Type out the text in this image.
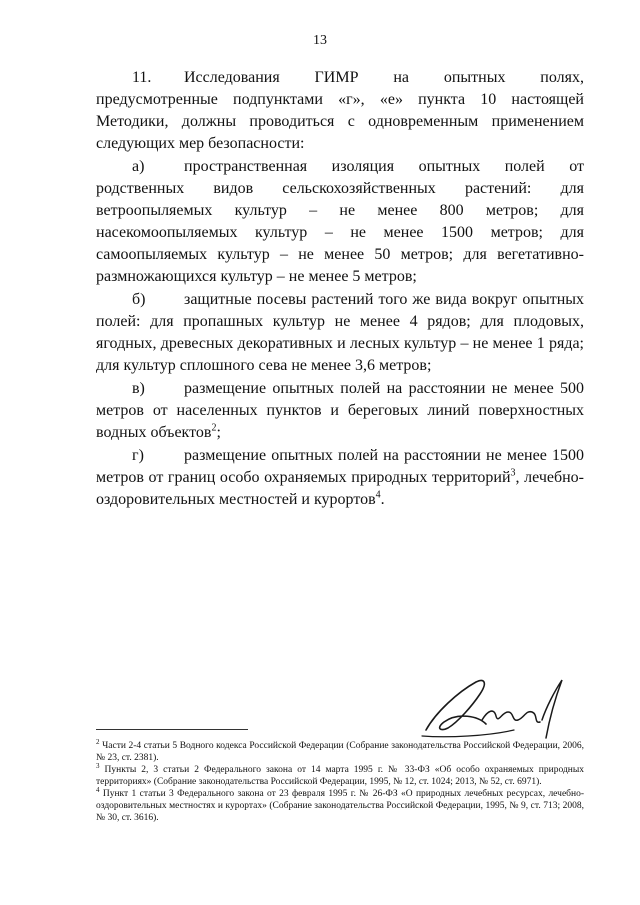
13

11. Исследования ГИМР на опытных полях, предусмотренные подпунктами «г», «е» пункта 10 настоящей Методики, должны проводиться с одновременным применением следующих мер безопасности:

а) пространственная изоляция опытных полей от родственных видов сельскохозяйственных растений: для ветроопыляемых культур – не менее 800 метров; для насекомоопыляемых культур – не менее 1500 метров; для самоопыляемых культур – не менее 50 метров; для вегетативно-размножающихся культур – не менее 5 метров;

б) защитные посевы растений того же вида вокруг опытных полей: для пропашных культур не менее 4 рядов; для плодовых, ягодных, древесных декоративных и лесных культур – не менее 1 ряда; для культур сплошного сева не менее 3,6 метров;

в) размещение опытных полей на расстоянии не менее 500 метров от населенных пунктов и береговых линий поверхностных водных объектов$^2$;

г)	размещение опытных полей на расстоянии не менее 1500 метров от границ особо охраняемых природных территорий$^3$, лечебно-оздоровительных местностей и курортов$^4$.

$^2$ Части 2-4 статьи 5 Водного кодекса Российской Федерации (Собрание законодательства Российской Федерации, 2006, № 23, ст. 2381).

$^3$ Пункты 2, 3 статьи 2 Федерального закона от 14 марта 1995 г. № 33-ФЗ «Об особо охраняемых природных территориях» (Собрание законодательства Российской Федерации, 1995, № 12, ст. 1024; 2013, № 52, ст. 6971).

$^4$ Пункт 1 статьи 3 Федерального закона от 23 февраля 1995 г. № 26-ФЗ «О природных лечебных ресурсах, лечебно-оздоровительных местностях и курортах» (Собрание законодательства Российской Федерации, 1995, № 9, ст. 713; 2008, № 30, ст. 3616).
